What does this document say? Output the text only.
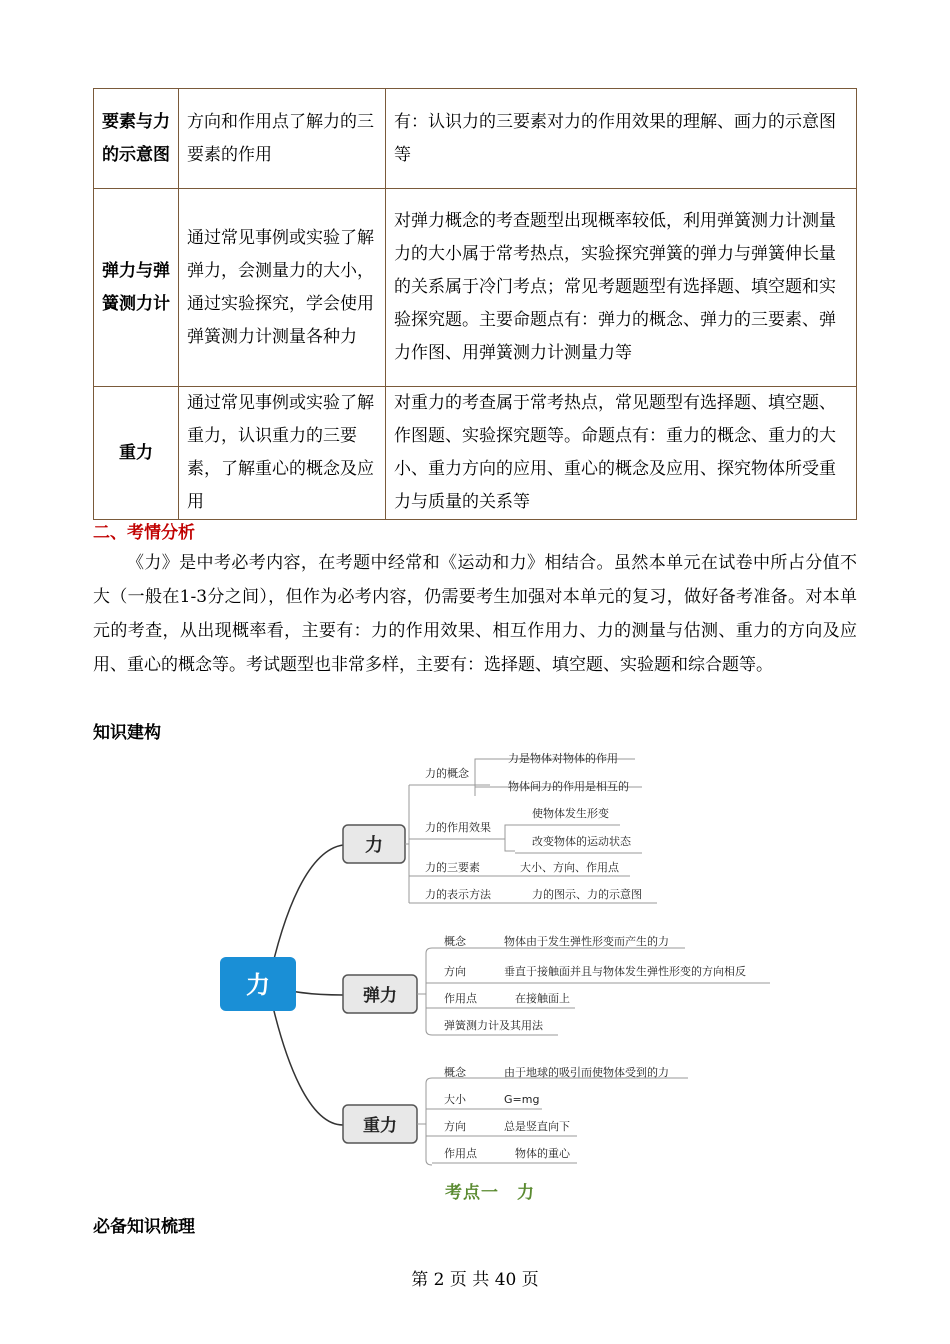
要素与力的示意图	方向和作用点了解力的三要素的作用	有：认识力的三要素对力的作用效果的理解、画力的示意图等
弹力与弹簧测力计	通过常见事例或实验了解弹力，会测量力的大小，通过实验探究，学会使用弹簧测力计测量各种力	对弹力概念的考查题型出现概率较低，利用弹簧测力计测量力的大小属于常考热点，实验探究弹簧的弹力与弹簧伸长量的关系属于冷门考点；常见考题题型有选择题、填空题和实验探究题。主要命题点有：弹力的概念、弹力的三要素、弹力作图、用弹簧测力计测量力等
重力	通过常见事例或实验了解重力，认识重力的三要素，了解重心的概念及应用	对重力的考查属于常考热点，常见题型有选择题、填空题、作图题、实验探究题等。命题点有：重力的概念、重力的大小、重力方向的应用、重心的概念及应用、探究物体所受重力与质量的关系等
二、考情分析
《力》是中考必考内容，在考题中经常和《运动和力》相结合。虽然本单元在试卷中所占分值不大（一般在1-3分之间），但作为必考内容，仍需要考生加强对本单元的复习，做好备考准备。对本单元的考查，从出现概率看，主要有：力的作用效果、相互作用力、力的测量与估测、重力的方向及应用、重心的概念等。考试题型也非常多样，主要有：选择题、填空题、实验题和综合题等。
知识建构
力
力
力的概念
力是物体对物体的作用
物体间力的作用是相互的
力的作用效果
使物体发生形变
改变物体的运动状态
力的三要素	大小、方向、作用点
力的表示方法	力的图示、力的示意图
弹力
概念	物体由于发生弹性形变而产生的力
方向	垂直于接触面并且与物体发生弹性形变的方向相反
作用点	在接触面上
弹簧测力计及其用法
重力
概念	由于地球的吸引而使物体受到的力
大小	G=mg
方向	总是竖直向下
作用点	物体的重心
考点一　力
必备知识梳理
第 2 页 共 40 页
